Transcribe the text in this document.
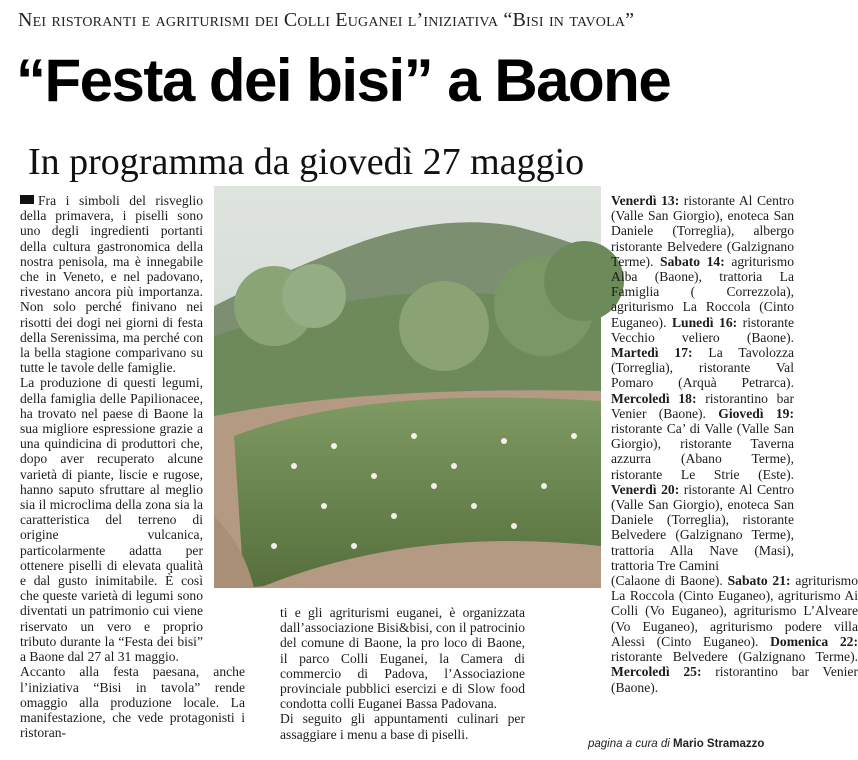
Nei ristoranti e agriturismi dei Colli Euganei l’iniziativa “Bisi in tavola”
“Festa dei bisi” a Baone
In programma da giovedì 27 maggio

Fra i simboli del risveglio della primavera, i piselli sono uno degli ingredienti portanti della cultura gastronomica della nostra penisola, ma è innegabile che in Veneto, e nel padovano, rivestano ancora più importanza. Non solo perché finivano nei risotti dei dogi nei giorni di festa della Serenissima, ma perché con la bella stagione comparivano su tutte le tavole delle famiglie.

La produzione di questi legumi, della famiglia delle Papilionacee, ha trovato nel paese di Baone la sua migliore espressione grazie a una quindicina di produttori che, dopo aver recuperato alcune varietà di piante, liscie e rugose, hanno saputo sfruttare al meglio sia il microclima della zona sia la caratteristica del terreno di origine vulcanica, particolarmente adatta per ottenere piselli di elevata qualità e dal gusto inimitabile. È così che queste varietà di legumi sono diventati un patrimonio cui viene riservato un vero e proprio tributo durante la “Festa dei bisi” a Baone dal 27 al 31 maggio.

Accanto alla festa paesana, anche l’iniziativa “Bisi in tavola” rende omaggio alla produzione locale. La manifestazione, che vede protagonisti i ristoran-

ti e gli agriturismi euganei, è organizzata dall’associazione Bisi&bisi, con il patrocinio del comune di Baone, la pro loco di Baone, il parco Colli Euganei, la Camera di commercio di Padova, l’Associazione provinciale pubblici esercizi e di Slow food condotta colli Euganei Bassa Padovana.

Di seguito gli appuntamenti culinari per assaggiare i menu a base di piselli.

Venerdì 13: ristorante Al Centro (Valle San Giorgio), enoteca San Daniele (Torreglia), albergo ristorante Belvedere (Galzignano Terme). Sabato 14: agriturismo Alba (Baone), trattoria La Famiglia ( Correzzola), agriturismo La Roccola (Cinto Euganeo). Lunedì 16: ristorante Vecchio veliero (Baone). Martedì 17: La Tavolozza (Torreglia), ristorante Val Pomaro (Arquà Petrarca). Mercoledì 18: ristorantino bar Venier (Baone). Giovedì 19: ristorante Ca’ di Valle (Valle San Giorgio), ristorante Taverna azzurra (Abano Terme), ristorante Le Strie (Este). Venerdì 20: ristorante Al Centro (Valle San Giorgio), enoteca San Daniele (Torreglia), ristorante Belvedere (Galzignano Terme), trattoria Alla Nave (Masi), trattoria Tre Camini

(Calaone di Baone). Sabato 21: agriturismo La Roccola (Cinto Euganeo), agriturismo Ai Colli (Vo Euganeo), agriturismo L’Alveare (Vo Euganeo), agriturismo podere villa Alessi (Cinto Euganeo). Domenica 22: ristorante Belvedere (Galzignano Terme). Mercoledì 25: ristorantino bar Venier (Baone).

pagina a cura di Mario Stramazzo
